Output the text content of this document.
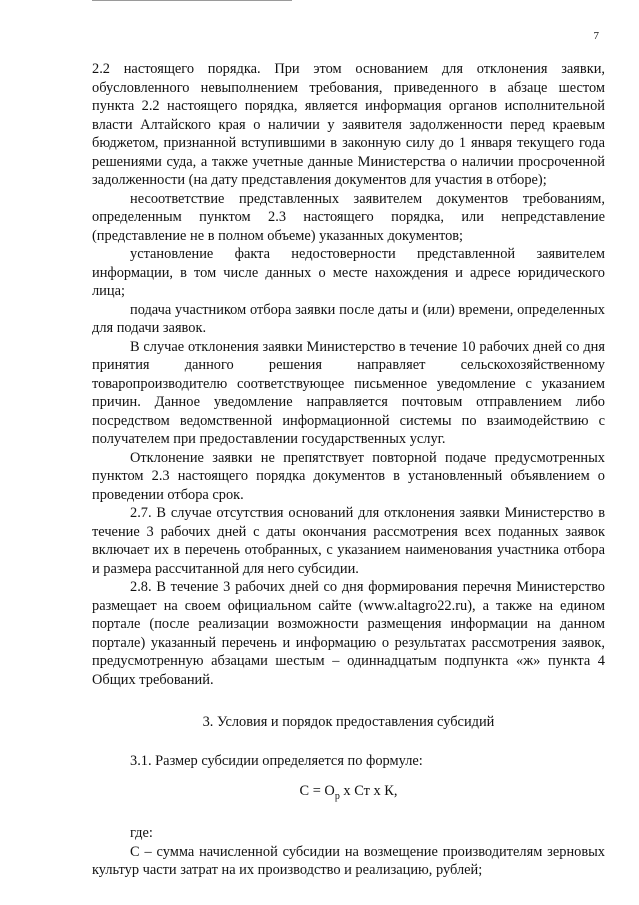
7

2.2 настоящего порядка. При этом основанием для отклонения заявки, обусловленного невыполнением требования, приведенного в абзаце шестом пункта 2.2 настоящего порядка, является информация органов исполнительной власти Алтайского края о наличии у заявителя задолженности перед краевым бюджетом, признанной вступившими в законную силу до 1 января текущего года решениями суда, а также учетные данные Министерства о наличии просроченной задолженности (на дату представления документов для участия в отборе);

несоответствие представленных заявителем документов требованиям, определенным пунктом 2.3 настоящего порядка, или непредставление (представление не в полном объеме) указанных документов;

установление факта недостоверности представленной заявителем информации, в том числе данных о месте нахождения и адресе юридического лица;

подача участником отбора заявки после даты и (или) времени, определенных для подачи заявок.

В случае отклонения заявки Министерство в течение 10 рабочих дней со дня принятия данного решения направляет сельскохозяйственному товаропроизводителю соответствующее письменное уведомление с указанием причин. Данное уведомление направляется почтовым отправлением либо посредством ведомственной информационной системы по взаимодействию с получателем при предоставлении государственных услуг.

Отклонение заявки не препятствует повторной подаче предусмотренных пунктом 2.3 настоящего порядка документов в установленный объявлением о проведении отбора срок.

2.7. В случае отсутствия оснований для отклонения заявки Министерство в течение 3 рабочих дней с даты окончания рассмотрения всех поданных заявок включает их в перечень отобранных, с указанием наименования участника отбора и размера рассчитанной для него субсидии.

2.8. В течение 3 рабочих дней со дня формирования перечня Министерство размещает на своем официальном сайте (www.altagro22.ru), а также на едином портале (после реализации возможности размещения информации на данном портале) указанный перечень и информацию о результатах рассмотрения заявок, предусмотренную абзацами шестым – одиннадцатым подпункта «ж» пункта 4 Общих требований.

3. Условия и порядок предоставления субсидий

3.1. Размер субсидии определяется по формуле:

$С = О_р$ х Ст х К,

где:

С – сумма начисленной субсидии на возмещение производителям зерновых культур части затрат на их производство и реализацию, рублей;
